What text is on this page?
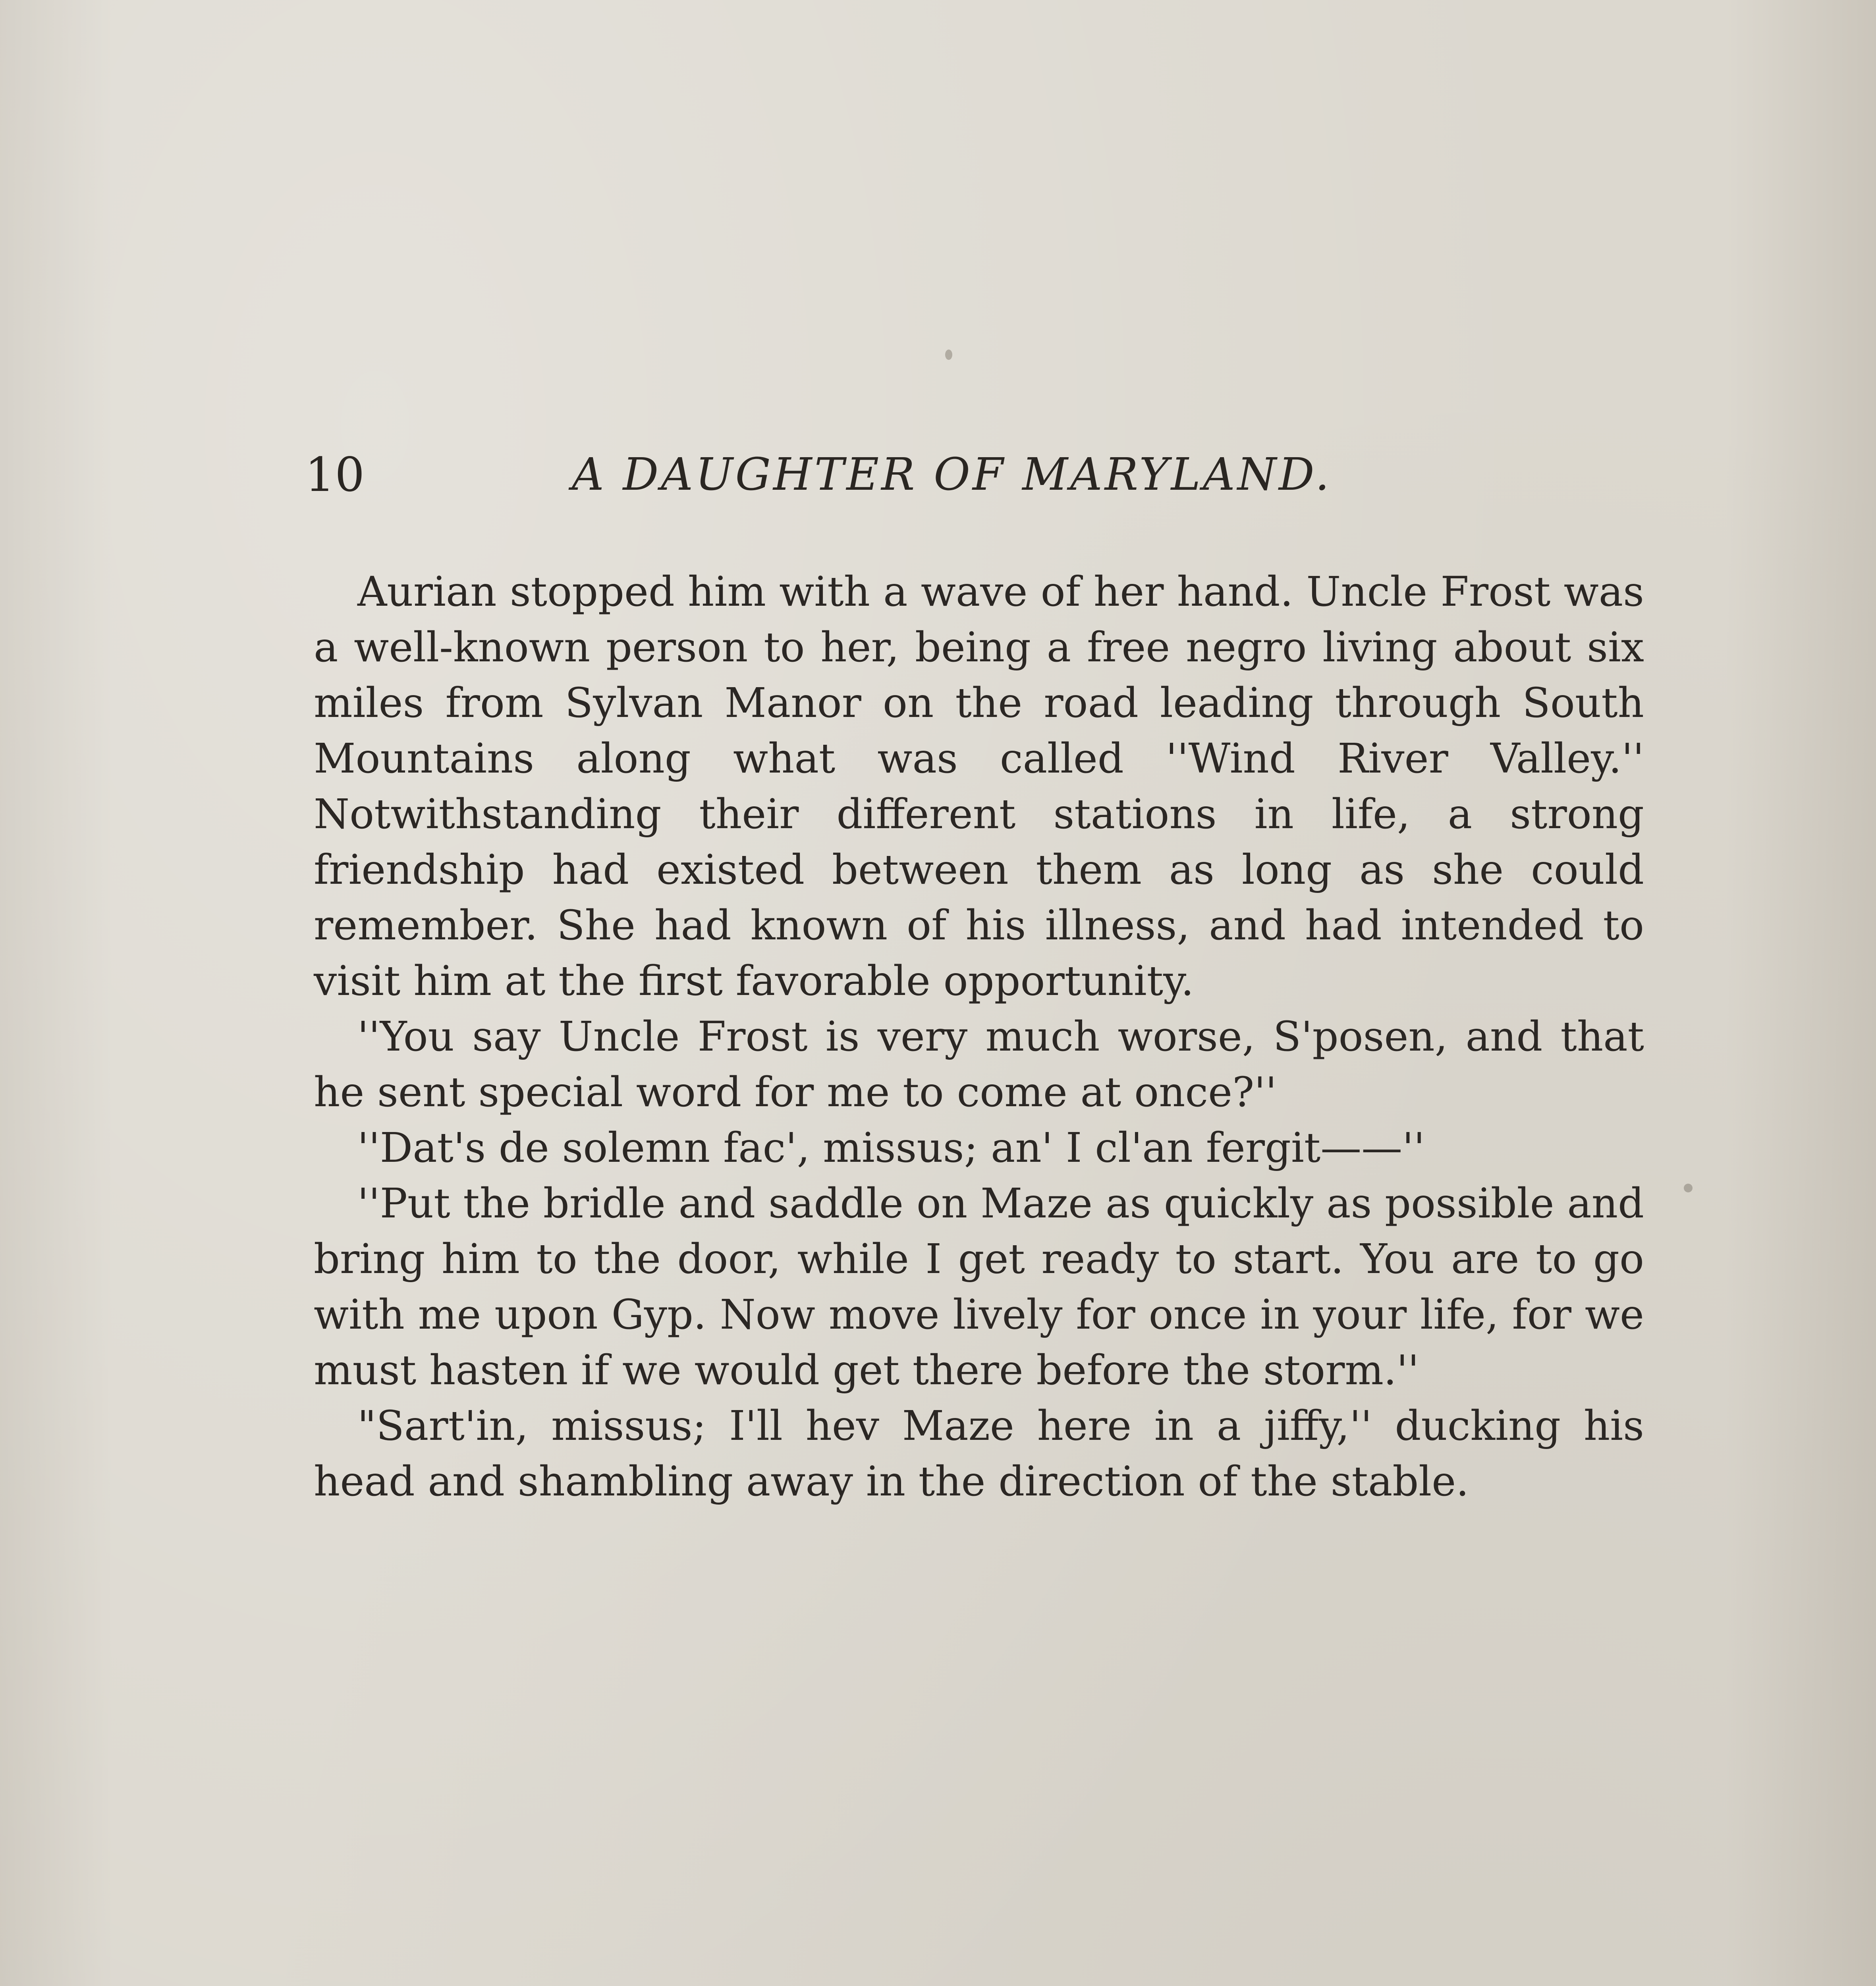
10	A DAUGHTER OF MARYLAND.

Aurian stopped him with a wave of her hand. Uncle Frost was a well-known person to her, being a free negro living about six miles from Sylvan Manor on the road leading through South Mountains along what was called ''Wind River Valley.'' Notwithstanding their different stations in life, a strong friendship had existed between them as long as she could remember. She had known of his illness, and had intended to visit him at the first favorable opportunity.

''You say Uncle Frost is very much worse, S'posen, and that he sent special word for me to come at once?''

''Dat's de solemn fac', missus; an' I cl'an fergit——''

''Put the bridle and saddle on Maze as quickly as possible and bring him to the door, while I get ready to start. You are to go with me upon Gyp. Now move lively for once in your life, for we must hasten if we would get there before the storm.''

"Sart'in, missus; I'll hev Maze here in a jiffy,'' ducking his head and shambling away in the direction of the stable.
